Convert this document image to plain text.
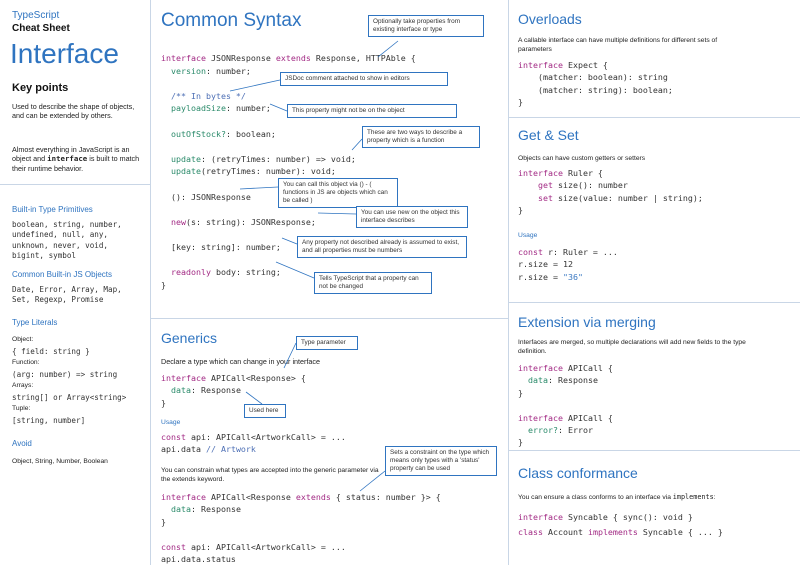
TypeScript
Cheat Sheet
Interface
Key points
Used to describe the shape of objects, and can be extended by others.
Almost everything in JavaScript is an object and interface is built to match their runtime behavior.
Built-in Type Primitives
boolean, string, number,
undefined, null, any,
unknown, never, void,
bigint, symbol
Common Built-in JS Objects
Date, Error, Array, Map,
Set, Regexp, Promise
Type Literals
Object:
{ field: string }
Function:
(arg: number) => string
Arrays:
string[] or Array<string>
Tuple:
[string, number]
Avoid
Object, String, Number, Boolean
Common Syntax
interface JSONResponse extends Response, HTTPAble {
version: number;

/** In bytes */
payloadSize: number;

outOfStock?: boolean;

update: (retryTimes: number) => void;
update(retryTimes: number): void;

(): JSONResponse

new(s: string): JSONResponse;

[key: string]: number;

readonly body: string;
}
Optionally take properties from existing interface or type
JSDoc comment attached to show in editors
This property might not be on the object
These are two ways to describe a property which is a function
You can call this object via () - ( functions in JS are objects which can be called )
You can use new on the object this interface describes
Any property not described already is assumed to exist, and all properties must be numbers
Tells TypeScript that a property can not be changed
Generics	Type parameter
Declare a type which can change in your interface
interface APICall<Response> {
data: Response
}
Used here
Usage
const api: APICall<ArtworkCall> = ...
api.data // Artwork
You can constrain what types are accepted into the generic parameter via the extends keyword.
Sets a constraint on the type which means only types with a 'status' property can be used
interface APICall<Response extends { status: number }> {
data: Response
}

const api: APICall<ArtworkCall> = ...
api.data.status
Overloads
A callable interface can have multiple definitions for different sets of parameters
interface Expect {
(matcher: boolean): string
(matcher: string): boolean;
}
Get & Set
Objects can have custom getters or setters
interface Ruler {
get size(): number
set size(value: number | string);
}
Usage
const r: Ruler = ...
r.size = 12
r.size = "36"
Extension via merging
Interfaces are merged, so multiple declarations will add new fields to the type definition.
interface APICall {
data: Response
}

interface APICall {
error?: Error
}
Class conformance
You can ensure a class conforms to an interface via implements:
interface Syncable { sync(): void }
class Account implements Syncable { ... }
